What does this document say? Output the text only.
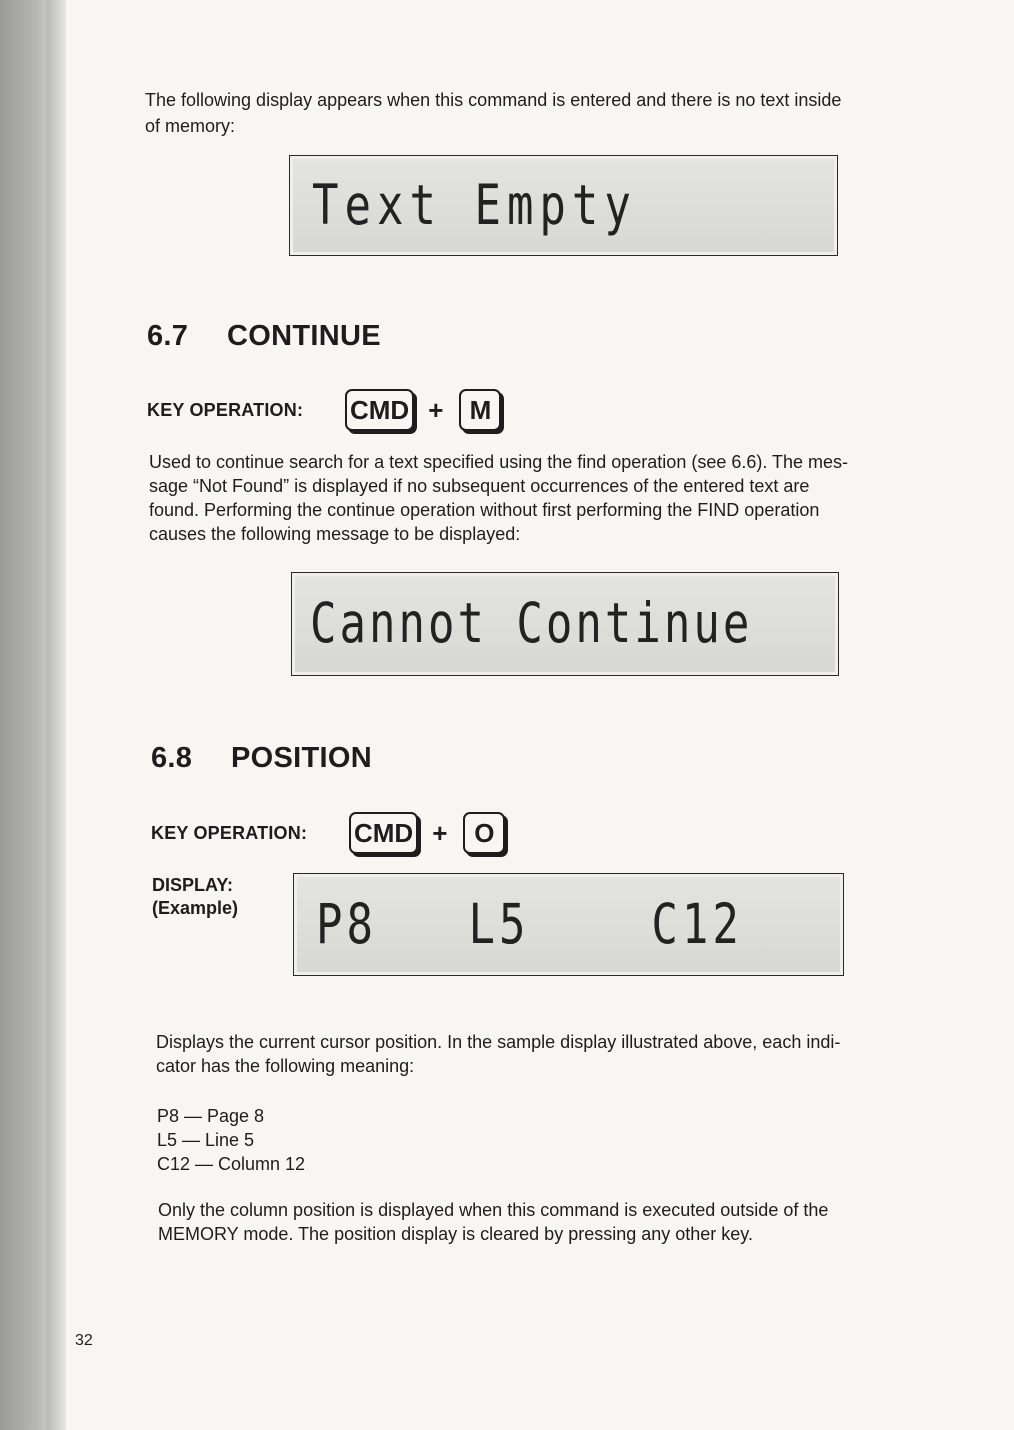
The following display appears when this command is entered and there is no text inside

of memory:

Text Empty
6.7 CONTINUE
KEY OPERATION:	CMD +	M

Used to continue search for a text specified using the find operation (see 6.6). The mes-

sage “Not Found” is displayed if no subsequent occurrences of the entered text are

found. Performing the continue operation without first performing the FIND operation

causes the following message to be displayed:

Cannot Continue
6.8 POSITION
KEY OPERATION:	CMD +	O
DISPLAY:
(Example) P8   L5    C12

Displays the current cursor position. In the sample display illustrated above, each indi-

cator has the following meaning:

P8 — Page 8
L5 — Line 5
C12 — Column 12

Only the column position is displayed when this command is executed outside of the

MEMORY mode. The position display is cleared by pressing any other key.

32
